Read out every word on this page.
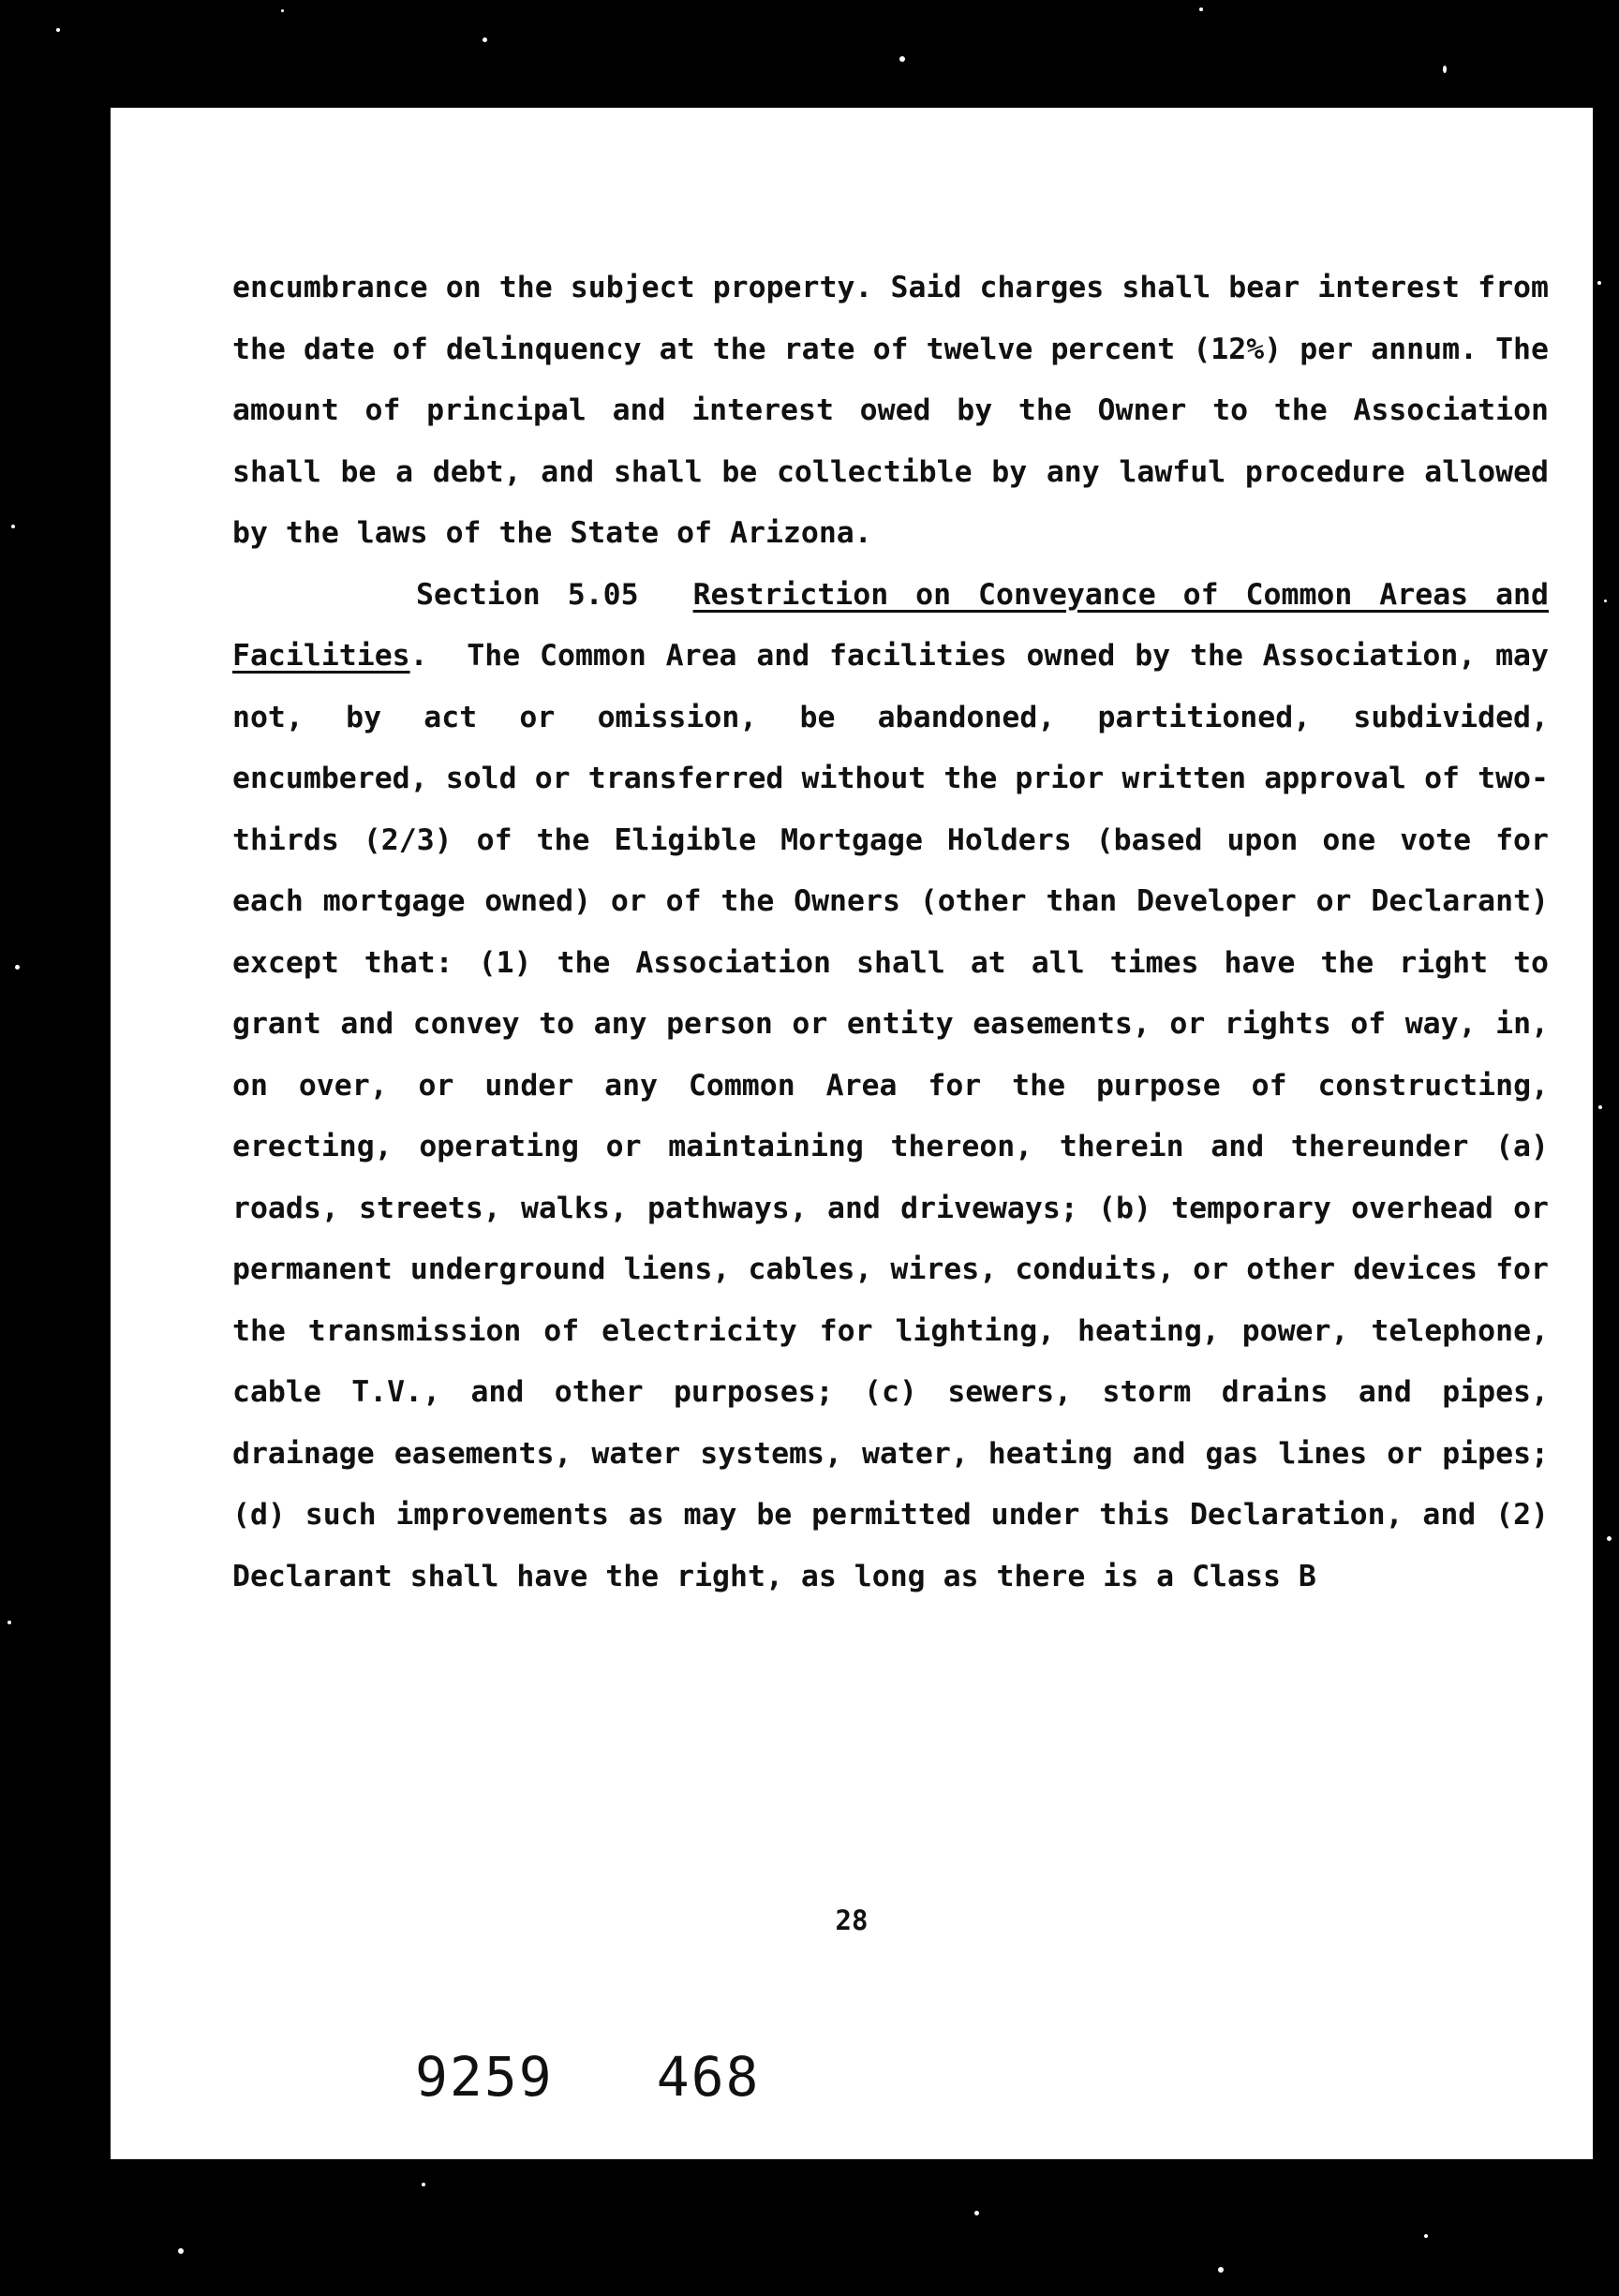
encumbrance on the subject property. Said charges shall bear interest from the date of delinquency at the rate of twelve percent (12%) per annum. The amount of principal and interest owed by the Owner to the Association shall be a debt, and shall be collectible by any lawful procedure allowed by the laws of the State of Arizona.

Section 5.05 Restriction on Conveyance of Common Areas and Facilities. The Common Area and facilities owned by the Association, may not, by act or omission, be abandoned, partitioned, subdivided, encumbered, sold or transferred without the prior written approval of two-thirds (2/3) of the Eligible Mortgage Holders (based upon one vote for each mortgage owned) or of the Owners (other than Developer or Declarant) except that: (1) the Association shall at all times have the right to grant and convey to any person or entity easements, or rights of way, in, on over, or under any Common Area for the purpose of constructing, erecting, operating or maintaining thereon, therein and thereunder (a) roads, streets, walks, pathways, and driveways; (b) temporary overhead or permanent underground liens, cables, wires, conduits, or other devices for the transmission of electricity for lighting, heating, power, telephone, cable T.V., and other purposes; (c) sewers, storm drains and pipes, drainage easements, water systems, water, heating and gas lines or pipes; (d) such improvements as may be permitted under this Declaration, and (2) Declarant shall have the right, as long as there is a Class B

28
9259 468
